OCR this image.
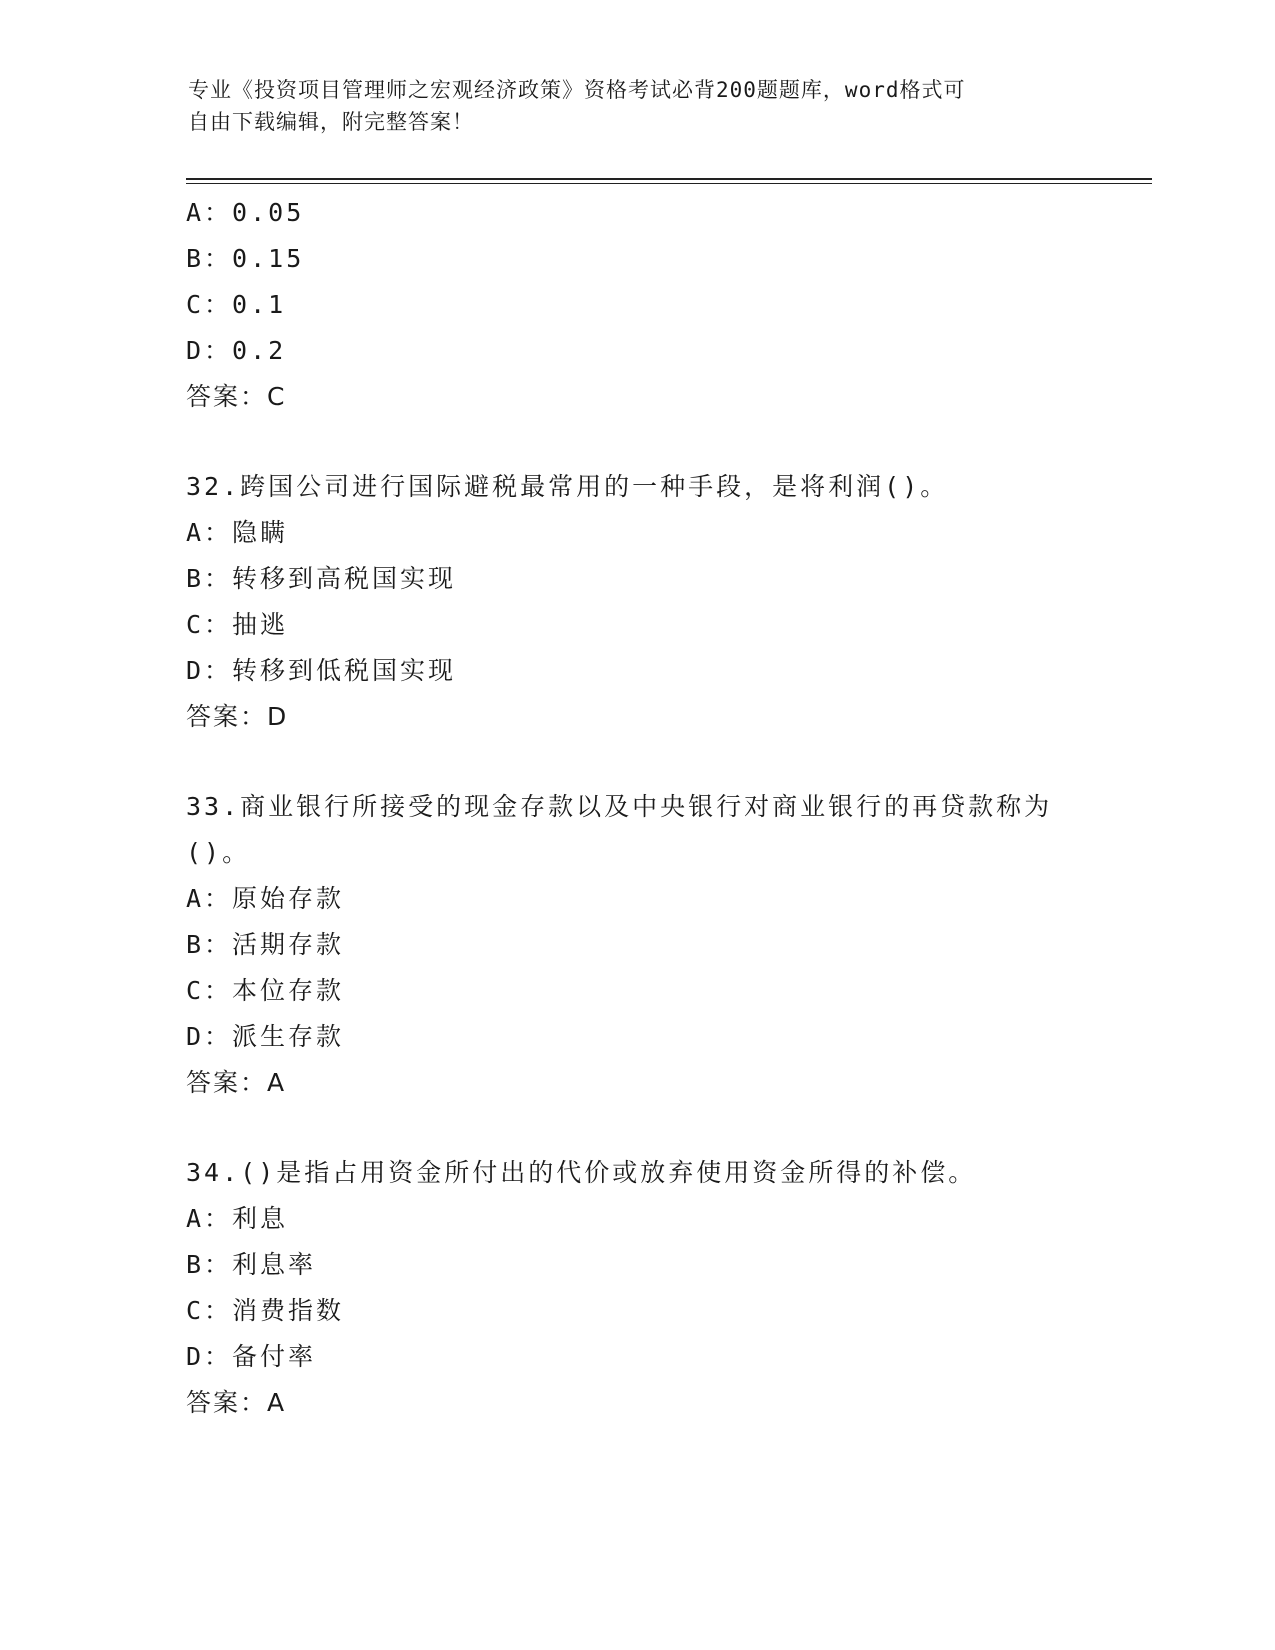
专业《投资项目管理师之宏观经济政策》资格考试必背200题题库，word格式可
自由下载编辑，附完整答案！
A：0.05
B：0.15
C：0.1
D：0.2
答案：C
32.跨国公司进行国际避税最常用的一种手段，是将利润()。
A：隐瞒
B：转移到高税国实现
C：抽逃
D：转移到低税国实现
答案：D
33.商业银行所接受的现金存款以及中央银行对商业银行的再贷款称为
()。
A：原始存款
B：活期存款
C：本位存款
D：派生存款
答案：A
34.()是指占用资金所付出的代价或放弃使用资金所得的补偿。
A：利息
B：利息率
C：消费指数
D：备付率
答案：A
